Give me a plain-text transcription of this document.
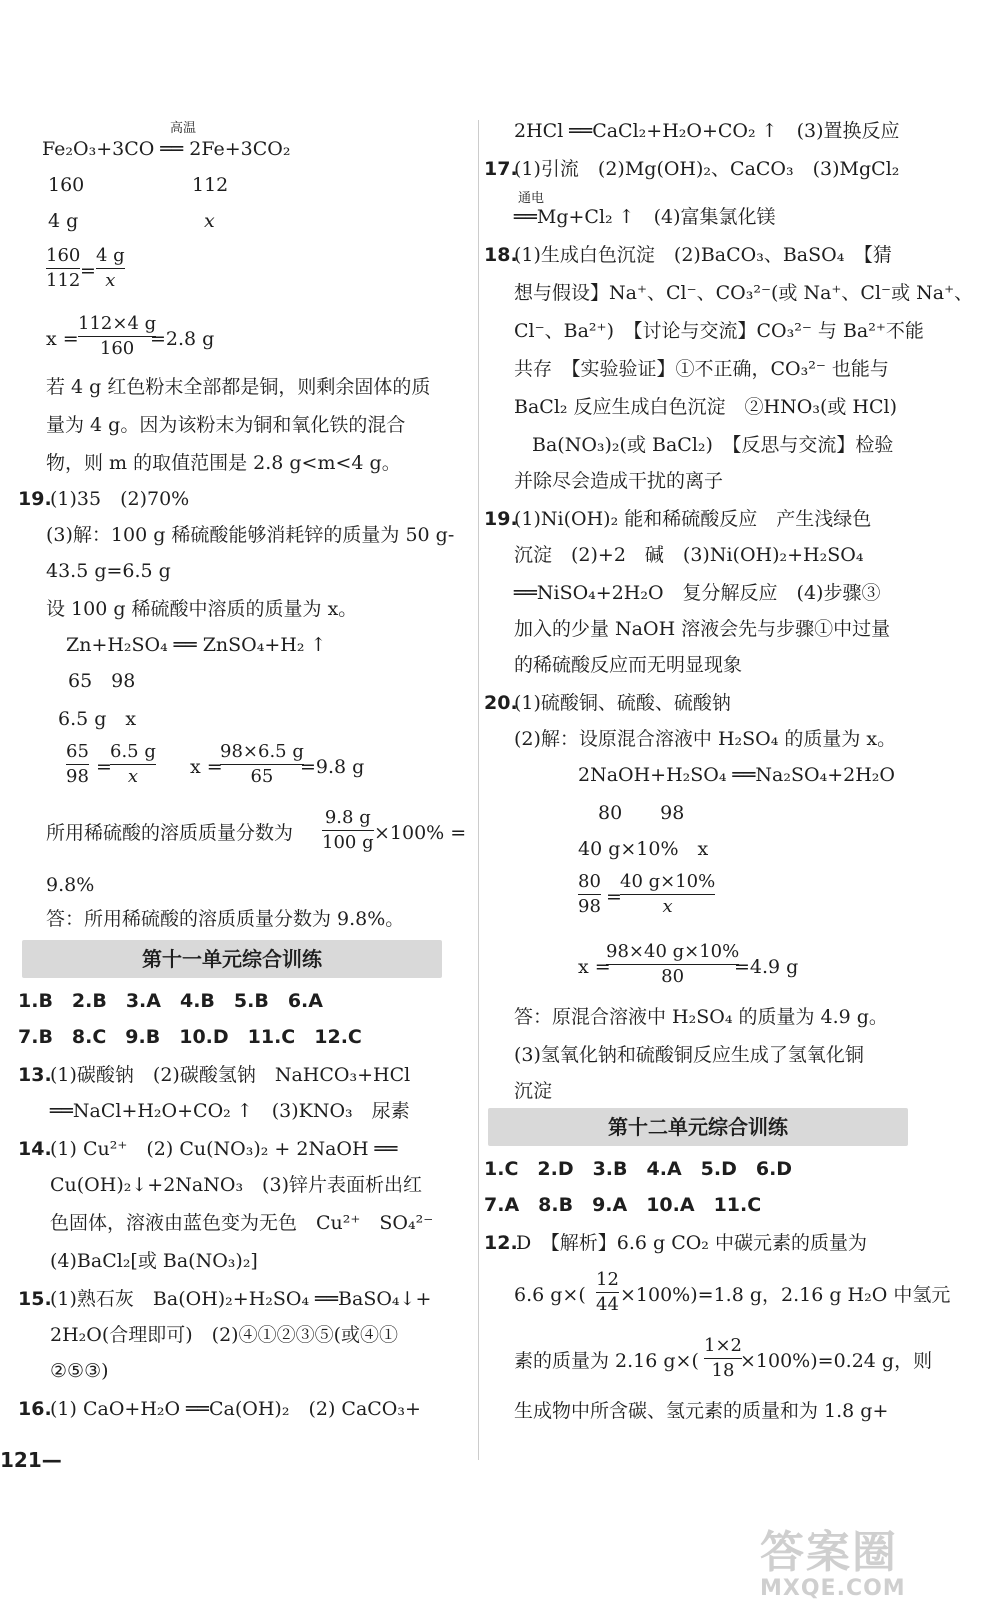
Fe₂O₃+3CO ══ 2Fe+3CO₂
高温
160	112
4 g	x
160
112 =
4 g
x
x =
112×4 g
160 =2.8 g
若 4 g 红色粉末全部都是铜，则剩余固体的质
量为 4 g。因为该粉末为铜和氧化铁的混合
物，则 m 的取值范围是 2.8 g<m<4 g。
19.
(1)35　(2)70%
(3)解：100 g 稀硫酸能够消耗锌的质量为 50 g-
43.5 g=6.5 g
设 100 g 稀硫酸中溶质的质量为 x。
Zn+H₂SO₄ ══ ZnSO₄+H₂ ↑
65　98
6.5 g　x
65
98 =
6.5 g
x	x =
98×6.5 g
65 =9.8 g
所用稀硫酸的溶质质量分数为
9.8 g
100 g ×100% =
9.8%
答：所用稀硫酸的溶质质量分数为 9.8%。
第十一单元综合训练
1.B　2.B　3.A　4.B　5.B　6.A
7.B　8.C　9.B　10.D　11.C　12.C
13.
(1)碳酸钠　(2)碳酸氢钠　NaHCO₃+HCl
══NaCl+H₂O+CO₂ ↑　(3)KNO₃　尿素
14.
(1) Cu²⁺　(2) Cu(NO₃)₂ + 2NaOH ══
Cu(OH)₂↓+2NaNO₃　(3)锌片表面析出红
色固体，溶液由蓝色变为无色　Cu²⁺　SO₄²⁻
(4)BaCl₂[或 Ba(NO₃)₂]
15.
(1)熟石灰　Ba(OH)₂+H₂SO₄ ══BaSO₄↓+
2H₂O(合理即可)　(2)④①②③⑤(或④①
②⑤③)
16.
(1) CaO+H₂O ══Ca(OH)₂　(2) CaCO₃+
121—
2HCl ══CaCl₂+H₂O+CO₂ ↑　(3)置换反应
17.
(1)引流　(2)Mg(OH)₂、CaCO₃　(3)MgCl₂
══Mg+Cl₂ ↑　(4)富集氯化镁
通电
18.
(1)生成白色沉淀　(2)BaCO₃、BaSO₄　【猜
想与假设】Na⁺、Cl⁻、CO₃²⁻(或 Na⁺、Cl⁻或 Na⁺、
Cl⁻、Ba²⁺)　【讨论与交流】CO₃²⁻ 与 Ba²⁺不能
共存　【实验验证】①不正确，CO₃²⁻ 也能与
BaCl₂ 反应生成白色沉淀　②HNO₃(或 HCl)
Ba(NO₃)₂(或 BaCl₂)　【反思与交流】检验
并除尽会造成干扰的离子
19.
(1)Ni(OH)₂ 能和稀硫酸反应　产生浅绿色
沉淀　(2)+2　碱　(3)Ni(OH)₂+H₂SO₄
══NiSO₄+2H₂O　复分解反应　(4)步骤③
加入的少量 NaOH 溶液会先与步骤①中过量
的稀硫酸反应而无明显现象
20.
(1)硫酸铜、硫酸、硫酸钠
(2)解：设原混合溶液中 H₂SO₄ 的质量为 x。
2NaOH+H₂SO₄ ══Na₂SO₄+2H₂O
80　　98
40 g×10%　x
80
98 =
40 g×10%
x
x =
98×40 g×10%
80	=4.9 g
答：原混合溶液中 H₂SO₄ 的质量为 4.9 g。
(3)氢氧化钠和硫酸铜反应生成了氢氧化铜
沉淀
第十二单元综合训练
1.C　2.D　3.B　4.A　5.D　6.D
7.A　8.B　9.A　10.A　11.C
12.
D　【解析】6.6 g CO₂ 中碳元素的质量为
6.6 g×(
12
44 ×100%)=1.8 g，2.16 g H₂O 中氢元
素的质量为 2.16 g×(
1×2
18 ×100%)=0.24 g，则
生成物中所含碳、氢元素的质量和为 1.8 g+
答案圈
MXQE.COM
